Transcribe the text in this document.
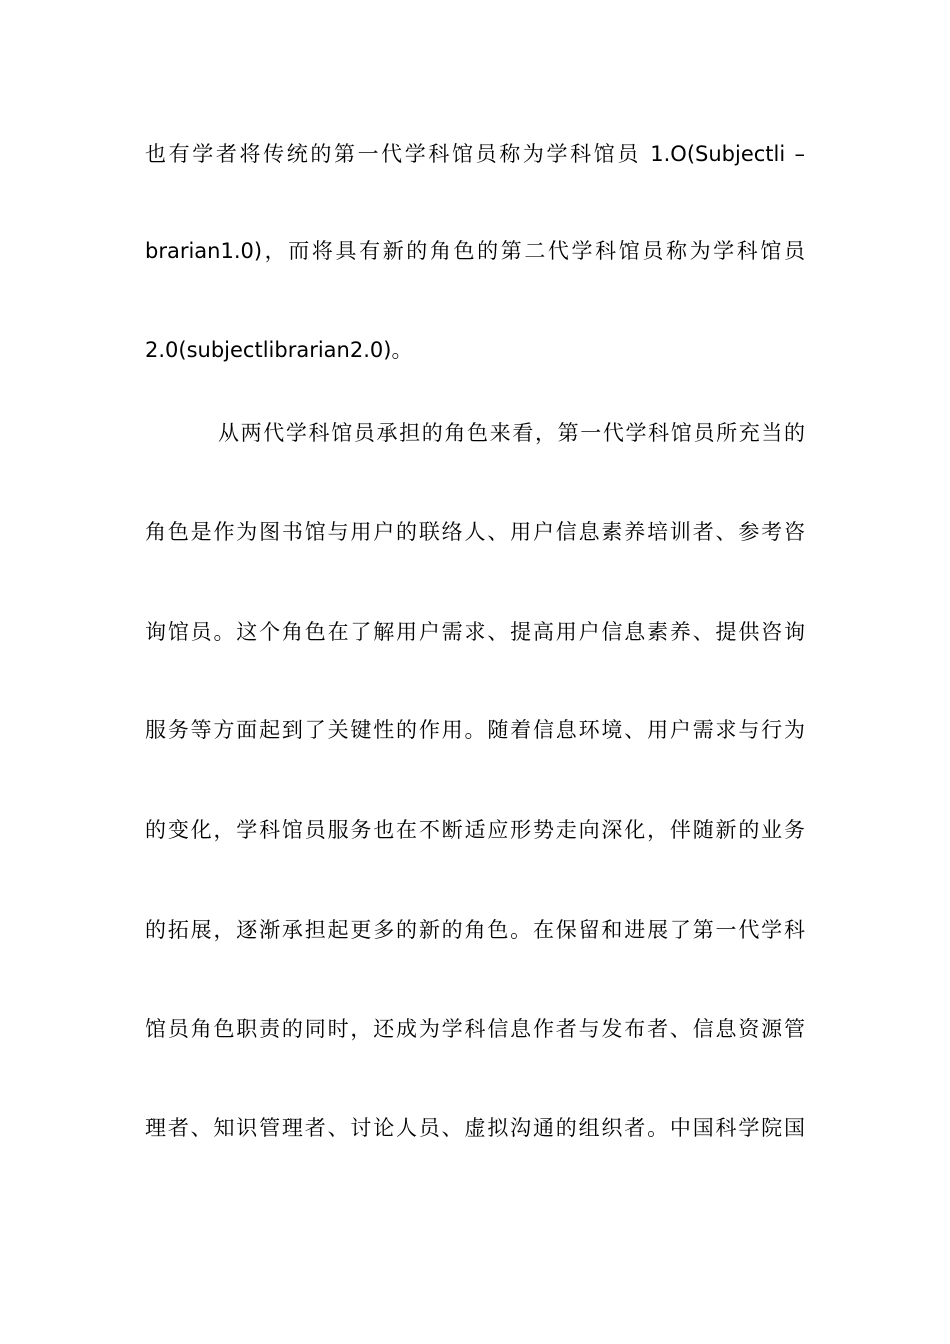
也有学者将传统的第一代学科馆员称为学科馆员 1.O(Subjectli –
brarian1.0)，而将具有新的角色的第二代学科馆员称为学科馆员
2.0(subjectlibrarian2.0)。
从两代学科馆员承担的角色来看，第一代学科馆员所充当的
角色是作为图书馆与用户的联络人、用户信息素养培训者、参考咨
询馆员。这个角色在了解用户需求、提高用户信息素养、提供咨询
服务等方面起到了关键性的作用。随着信息环境、用户需求与行为
的变化，学科馆员服务也在不断适应形势走向深化，伴随新的业务
的拓展，逐渐承担起更多的新的角色。在保留和进展了第一代学科
馆员角色职责的同时，还成为学科信息作者与发布者、信息资源管
理者、知识管理者、讨论人员、虚拟沟通的组织者。中国科学院国
